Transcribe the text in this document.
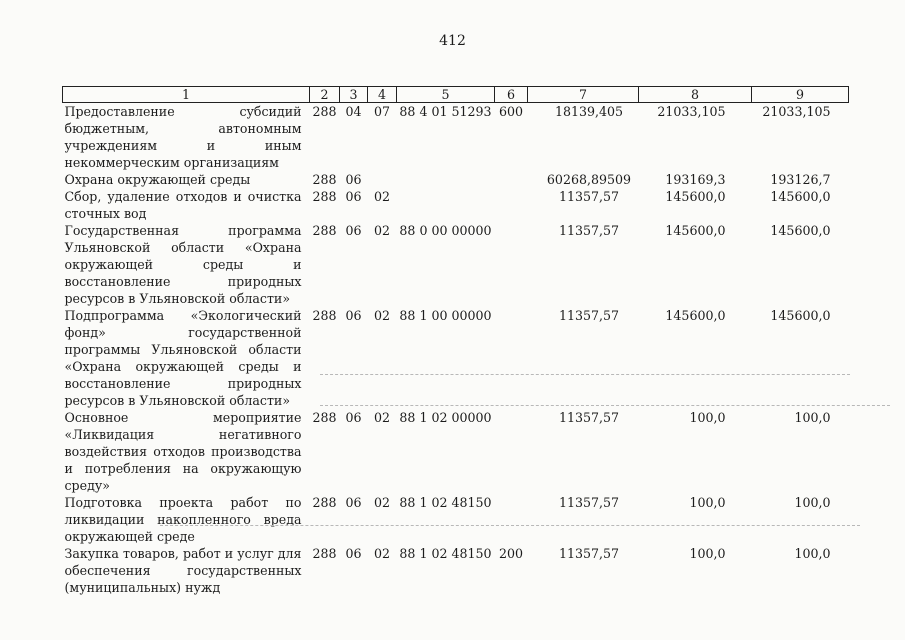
412
1	2	3	4	5	6	7	8	9
Предоставление субсидий бюджетным, автономным учреждениям и иным некоммерческим организациям	288	04	07	88 4 01 51293	600	18139,405	21033,105	21033,105
Охрана окружающей среды	288	06				60268,89509	193169,3	193126,7
Сбор, удаление отходов и очистка сточных вод	288	06	02			11357,57	145600,0	145600,0
Государственная программа Ульяновской области «Охрана окружающей среды и восстановление природных ресурсов в Ульяновской области»	288	06	02	88 0 00 00000		11357,57	145600,0	145600,0
Подпрограмма «Экологический фонд» государственной программы Ульяновской области «Охрана окружающей среды и восстановление природных ресурсов в Ульяновской области»	288	06	02	88 1 00 00000		11357,57	145600,0	145600,0
Основное мероприятие «Ликвидация негативного воздействия отходов производства и потребления на окружающую среду»	288	06	02	88 1 02 00000		11357,57	100,0	100,0
Подготовка проекта работ по ликвидации накопленного вреда окружающей среде	288	06	02	88 1 02 48150		11357,57	100,0	100,0
Закупка товаров, работ и услуг для обеспечения государственных (муниципальных) нужд	288	06	02	88 1 02 48150	200	11357,57	100,0	100,0
